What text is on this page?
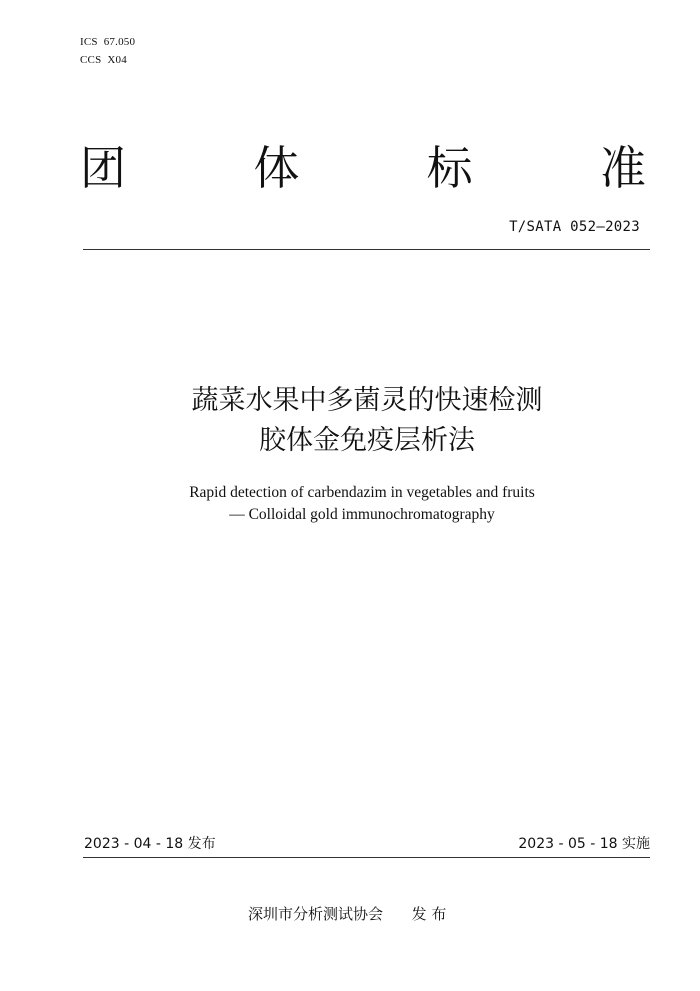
ICS 67.050
CCS X04
团	体	标	准
T/SATA 052—2023
蔬菜水果中多菌灵的快速检测
胶体金免疫层析法
Rapid detection of carbendazim in vegetables and fruits
— Colloidal gold immunochromatography
2023 - 04 - 18 发布	2023 - 05 - 18 实施
深圳市分析测试协会      发 布
